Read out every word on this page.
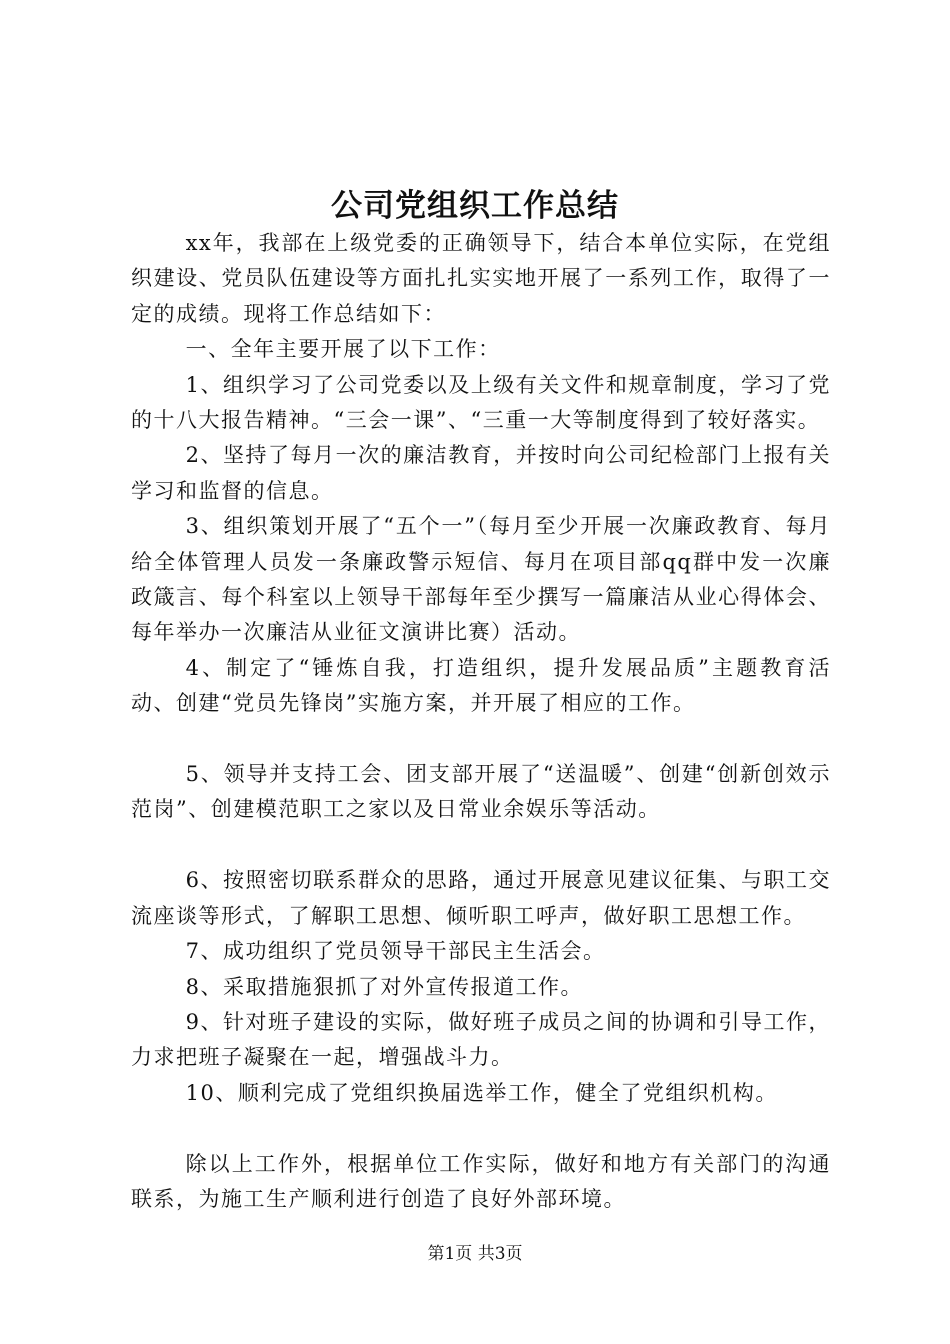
公司党组织工作总结

xx年，我部在上级党委的正确领导下，结合本单位实际，在党组织建设、党员队伍建设等方面扎扎实实地开展了一系列工作，取得了一定的成绩。现将工作总结如下：

一、全年主要开展了以下工作：

1、组织学习了公司党委以及上级有关文件和规章制度，学习了党的十八大报告精神。“三会一课”、“三重一大等制度得到了较好落实。

2、坚持了每月一次的廉洁教育，并按时向公司纪检部门上报有关学习和监督的信息。

3、组织策划开展了“五个一”（每月至少开展一次廉政教育、每月给全体管理人员发一条廉政警示短信、每月在项目部qq群中发一次廉政箴言、每个科室以上领导干部每年至少撰写一篇廉洁从业心得体会、每年举办一次廉洁从业征文演讲比赛）活动。

4、制定了“锤炼自我，打造组织，提升发展品质”主题教育活动、创建“党员先锋岗”实施方案，并开展了相应的工作。

5、领导并支持工会、团支部开展了“送温暖”、创建“创新创效示范岗”、创建模范职工之家以及日常业余娱乐等活动。

6、按照密切联系群众的思路，通过开展意见建议征集、与职工交流座谈等形式，了解职工思想、倾听职工呼声，做好职工思想工作。

7、成功组织了党员领导干部民主生活会。

8、采取措施狠抓了对外宣传报道工作。

9、针对班子建设的实际，做好班子成员之间的协调和引导工作，力求把班子凝聚在一起，增强战斗力。

10、顺利完成了党组织换届选举工作，健全了党组织机构。

除以上工作外，根据单位工作实际，做好和地方有关部门的沟通联系，为施工生产顺利进行创造了良好外部环境。

第1页 共3页
